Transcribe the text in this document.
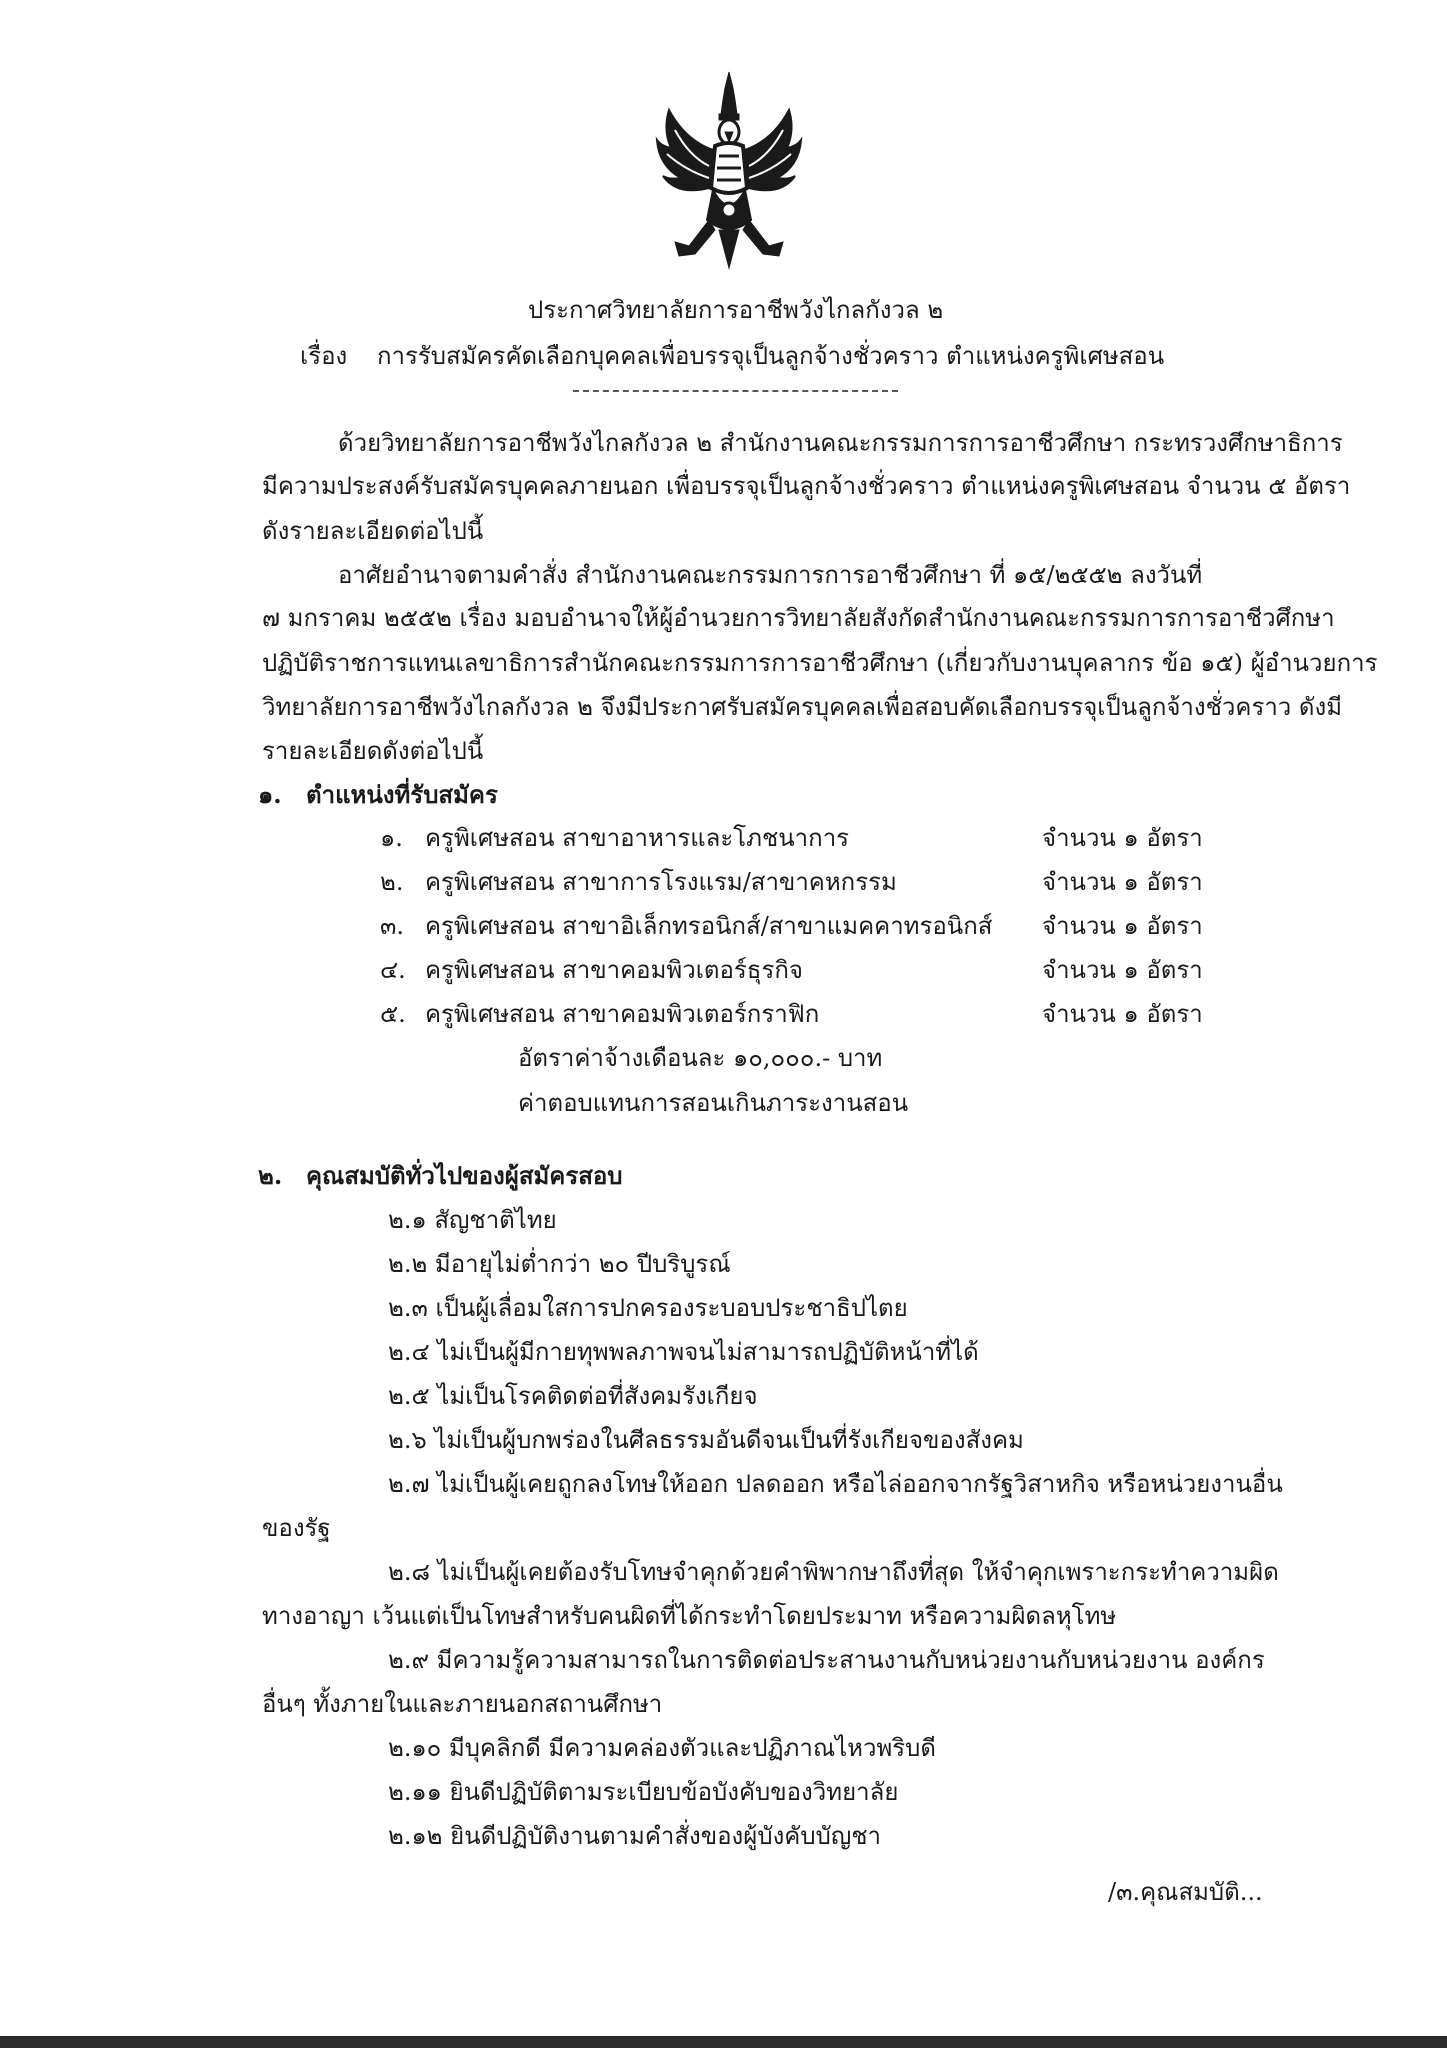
ประกาศวิทยาลัยการอาชีพวังไกลกังวล ๒
เรื่อง การรับสมัครคัดเลือกบุคคลเพื่อบรรจุเป็นลูกจ้างชั่วคราว ตำแหน่งครูพิเศษสอน
ด้วยวิทยาลัยการอาชีพวังไกลกังวล ๒ สำนักงานคณะกรรมการการอาชีวศึกษา กระทรวงศึกษาธิการ
มีความประสงค์รับสมัครบุคคลภายนอก เพื่อบรรจุเป็นลูกจ้างชั่วคราว ตำแหน่งครูพิเศษสอน จำนวน ๕ อัตรา
ดังรายละเอียดต่อไปนี้
อาศัยอำนาจตามคำสั่ง สำนักงานคณะกรรมการการอาชีวศึกษา ที่ ๑๕/๒๕๕๒ ลงวันที่
๗ มกราคม ๒๕๕๒ เรื่อง มอบอำนาจให้ผู้อำนวยการวิทยาลัยสังกัดสำนักงานคณะกรรมการการอาชีวศึกษา
ปฏิบัติราชการแทนเลขาธิการสำนักคณะกรรมการการอาชีวศึกษา (เกี่ยวกับงานบุคลากร ข้อ ๑๕) ผู้อำนวยการ
วิทยาลัยการอาชีพวังไกลกังวล ๒ จึงมีประกาศรับสมัครบุคคลเพื่อสอบคัดเลือกบรรจุเป็นลูกจ้างชั่วคราว ดังมี
รายละเอียดดังต่อไปนี้
๑. ตำแหน่งที่รับสมัคร
๑. ครูพิเศษสอน สาขาอาหารและโภชนาการ	จำนวน ๑ อัตรา
๒. ครูพิเศษสอน สาขาการโรงแรม/สาขาคหกรรม	จำนวน ๑ อัตรา
๓. ครูพิเศษสอน สาขาอิเล็กทรอนิกส์/สาขาแมคคาทรอนิกส์ จำนวน ๑ อัตรา
๔. ครูพิเศษสอน สาขาคอมพิวเตอร์ธุรกิจ	จำนวน ๑ อัตรา
๕. ครูพิเศษสอน สาขาคอมพิวเตอร์กราฟิก	จำนวน ๑ อัตรา
อัตราค่าจ้างเดือนละ ๑๐,๐๐๐.- บาท
ค่าตอบแทนการสอนเกินภาระงานสอน
๒. คุณสมบัติทั่วไปของผู้สมัครสอบ
๒.๑ สัญชาติไทย
๒.๒ มีอายุไม่ต่ำกว่า ๒๐ ปีบริบูรณ์
๒.๓ เป็นผู้เลื่อมใสการปกครองระบอบประชาธิปไตย
๒.๔ ไม่เป็นผู้มีกายทุพพลภาพจนไม่สามารถปฏิบัติหน้าที่ได้
๒.๕ ไม่เป็นโรคติดต่อที่สังคมรังเกียจ
๒.๖ ไม่เป็นผู้บกพร่องในศีลธรรมอันดีจนเป็นที่รังเกียจของสังคม
๒.๗ ไม่เป็นผู้เคยถูกลงโทษให้ออก ปลดออก หรือไล่ออกจากรัฐวิสาหกิจ หรือหน่วยงานอื่น
ของรัฐ
๒.๘ ไม่เป็นผู้เคยต้องรับโทษจำคุกด้วยคำพิพากษาถึงที่สุด ให้จำคุกเพราะกระทำความผิด
ทางอาญา เว้นแต่เป็นโทษสำหรับคนผิดที่ได้กระทำโดยประมาท หรือความผิดลหุโทษ
๒.๙ มีความรู้ความสามารถในการติดต่อประสานงานกับหน่วยงานกับหน่วยงาน องค์กร
อื่นๆ ทั้งภายในและภายนอกสถานศึกษา
๒.๑๐ มีบุคลิกดี มีความคล่องตัวและปฏิภาณไหวพริบดี
๒.๑๑ ยินดีปฏิบัติตามระเบียบข้อบังคับของวิทยาลัย
๒.๑๒ ยินดีปฏิบัติงานตามคำสั่งของผู้บังคับบัญชา
/๓.คุณสมบัติ...
